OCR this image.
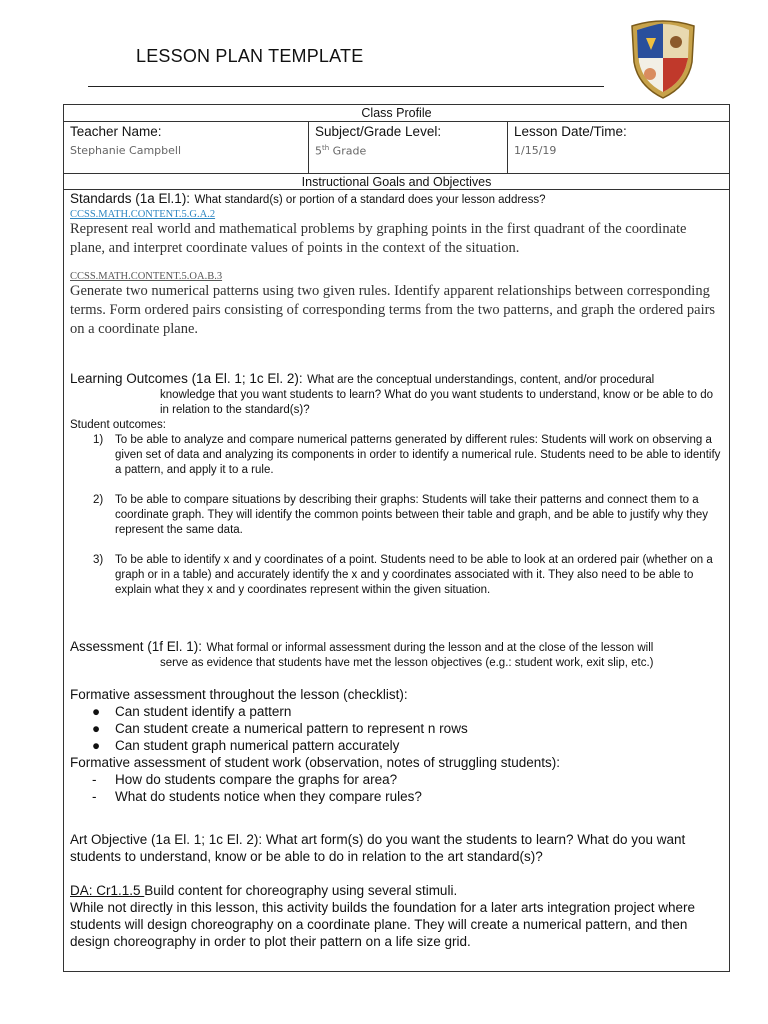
LESSON PLAN TEMPLATE
Class Profile
Teacher Name:
Stephanie Campbell
Subject/Grade Level:
5th Grade
Lesson Date/Time:
1/15/19
Instructional Goals and Objectives
Standards (1a El.1): What standard(s) or portion of a standard does your lesson address?
CCSS.MATH.CONTENT.5.G.A.2
Represent real world and mathematical problems by graphing points in the first quadrant of the coordinate plane, and interpret coordinate values of points in the context of the situation.
CCSS.MATH.CONTENT.5.OA.B.3
Generate two numerical patterns using two given rules. Identify apparent relationships between corresponding terms. Form ordered pairs consisting of corresponding terms from the two patterns, and graph the ordered pairs on a coordinate plane.
Learning Outcomes (1a El. 1; 1c El. 2): What are the conceptual understandings, content, and/or procedural
knowledge that you want students to learn? What do you want students to understand, know or be able to do in relation to the standard(s)?
Student outcomes:
1) To be able to analyze and compare numerical patterns generated by different rules: Students will work on observing a given set of data and analyzing its components in order to identify a numerical rule. Students need to be able to identify a pattern, and apply it to a rule.
2) To be able to compare situations by describing their graphs: Students will take their patterns and connect them to a coordinate graph. They will identify the common points between their table and graph, and be able to justify why they represent the same data.
3) To be able to identify x and y coordinates of a point. Students need to be able to look at an ordered pair (whether on a graph or in a table) and accurately identify the x and y coordinates associated with it. They also need to be able to explain what they x and y coordinates represent within the given situation.
Assessment (1f El. 1): What formal or informal assessment during the lesson and at the close of the lesson will
serve as evidence that students have met the lesson objectives (e.g.: student work, exit slip, etc.)
Formative assessment throughout the lesson (checklist):
● Can student identify a pattern
● Can student create a numerical pattern to represent n rows
● Can student graph numerical pattern accurately
Formative assessment of student work (observation, notes of struggling students):
- How do students compare the graphs for area?
- What do students notice when they compare rules?
Art Objective (1a El. 1; 1c El. 2): What art form(s) do you want the students to learn? What do you want students to understand, know or be able to do in relation to the art standard(s)?
DA: Cr1.1.5 Build content for choreography using several stimuli.
While not directly in this lesson, this activity builds the foundation for a later arts integration project where students will design choreography on a coordinate plane. They will create a numerical pattern, and then design choreography in order to plot their pattern on a life size grid.
